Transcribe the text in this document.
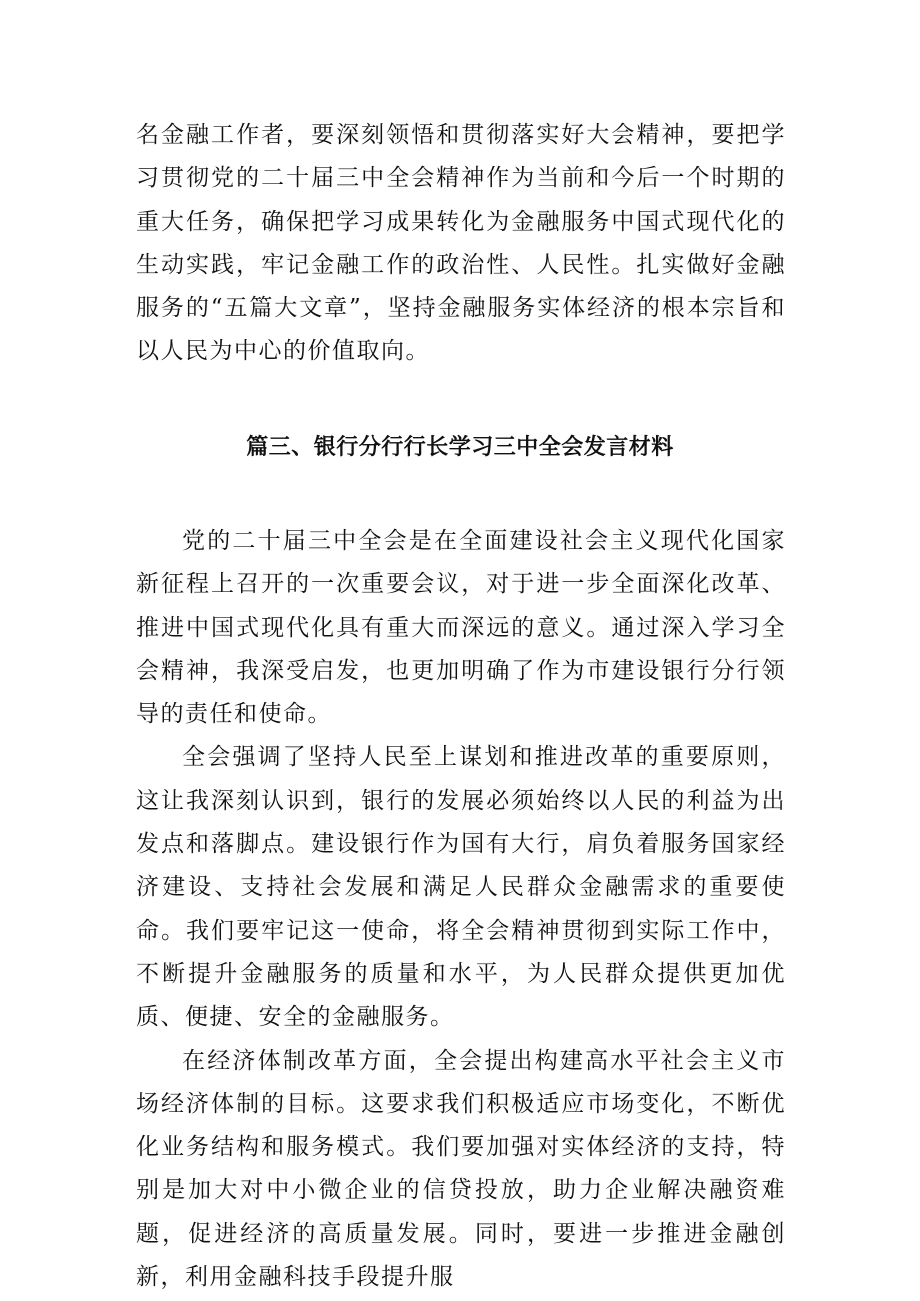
名金融工作者，要深刻领悟和贯彻落实好大会精神，要把学习贯彻党的二十届三中全会精神作为当前和今后一个时期的重大任务，确保把学习成果转化为金融服务中国式现代化的生动实践，牢记金融工作的政治性、人民性。扎实做好金融服务的“五篇大文章”，坚持金融服务实体经济的根本宗旨和以人民为中心的价值取向。

篇三、银行分行行长学习三中全会发言材料

党的二十届三中全会是在全面建设社会主义现代化国家新征程上召开的一次重要会议，对于进一步全面深化改革、推进中国式现代化具有重大而深远的意义。通过深入学习全会精神，我深受启发，也更加明确了作为市建设银行分行领导的责任和使命。

全会强调了坚持人民至上谋划和推进改革的重要原则，这让我深刻认识到，银行的发展必须始终以人民的利益为出发点和落脚点。建设银行作为国有大行，肩负着服务国家经济建设、支持社会发展和满足人民群众金融需求的重要使命。我们要牢记这一使命，将全会精神贯彻到实际工作中，不断提升金融服务的质量和水平，为人民群众提供更加优质、便捷、安全的金融服务。

在经济体制改革方面，全会提出构建高水平社会主义市场经济体制的目标。这要求我们积极适应市场变化，不断优化业务结构和服务模式。我们要加强对实体经济的支持，特别是加大对中小微企业的信贷投放，助力企业解决融资难题，促进经济的高质量发展。同时，要进一步推进金融创新，利用金融科技手段提升服
